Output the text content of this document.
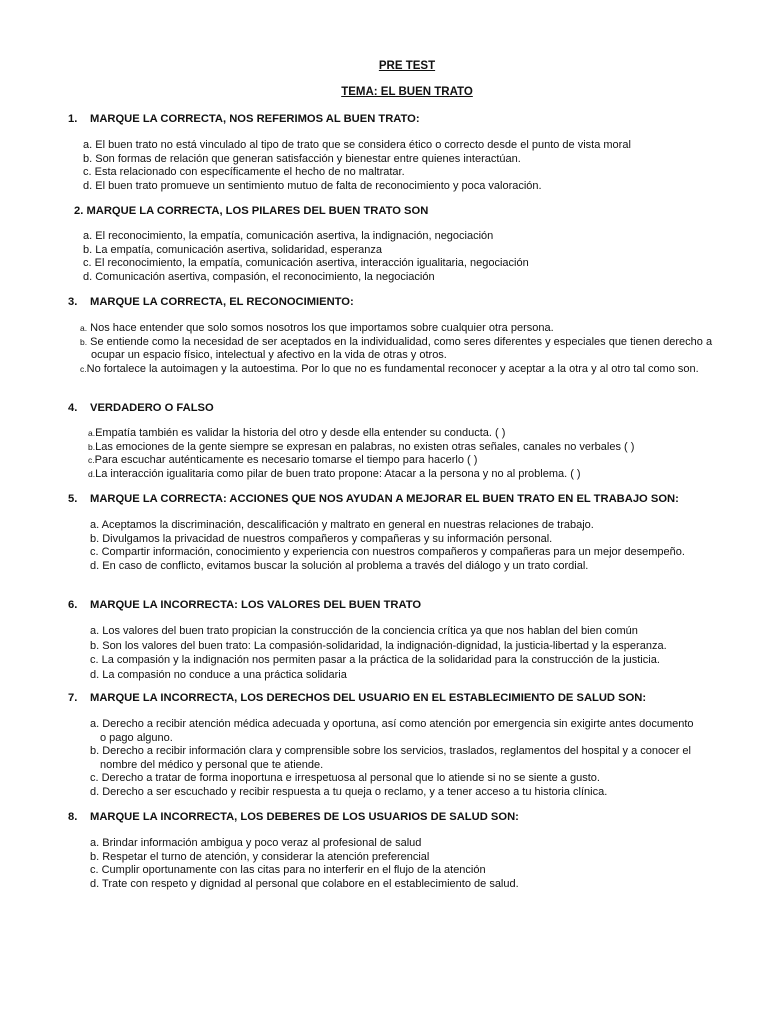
PRE TEST
TEMA: EL BUEN TRATO
1. MARQUE LA CORRECTA, NOS REFERIMOS AL BUEN TRATO:
a. El buen trato no está vinculado al tipo de trato que se considera ético o correcto desde el punto de vista moral
b. Son formas de relación que generan satisfacción y bienestar entre quienes interactúan.
c. Esta relacionado con específicamente el hecho de no maltratar.
d. El buen trato promueve un sentimiento mutuo de falta de reconocimiento y poca valoración.
2. MARQUE LA CORRECTA, LOS PILARES DEL BUEN TRATO SON
a. El reconocimiento, la empatía, comunicación asertiva, la indignación, negociación
b. La empatía, comunicación asertiva, solidaridad, esperanza
c. El reconocimiento, la empatía, comunicación asertiva, interacción igualitaria, negociación
d. Comunicación asertiva, compasión, el reconocimiento, la negociación
3. MARQUE LA CORRECTA, EL RECONOCIMIENTO:
a. Nos hace entender que solo somos nosotros los que importamos sobre cualquier otra persona.
b. Se entiende como la necesidad de ser aceptados en la individualidad, como seres diferentes y especiales que tienen derecho a ocupar un espacio físico, intelectual y afectivo en la vida de otras y otros.
c.No fortalece la autoimagen y la autoestima. Por lo que no es fundamental reconocer y aceptar a la otra y al otro tal como son.
4. VERDADERO O FALSO
a.Empatía también es validar la historia del otro y desde ella entender su conducta. ( )
b.Las emociones de la gente siempre se expresan en palabras, no existen otras señales, canales no verbales ( )
c.Para escuchar auténticamente es necesario tomarse el tiempo para hacerlo ( )
d.La interacción igualitaria como pilar de buen trato propone: Atacar a la persona y no al problema. ( )
5. MARQUE LA CORRECTA: ACCIONES QUE NOS AYUDAN A MEJORAR EL BUEN TRATO EN EL TRABAJO SON:
a. Aceptamos la discriminación, descalificación y maltrato en general en nuestras relaciones de trabajo.
b. Divulgamos la privacidad de nuestros compañeros y compañeras y su información personal.
c. Compartir información, conocimiento y experiencia con nuestros compañeros y compañeras para un mejor desempeño.
d. En caso de conflicto, evitamos buscar la solución al problema a través del diálogo y un trato cordial.
6. MARQUE LA INCORRECTA: LOS VALORES DEL BUEN TRATO
a. Los valores del buen trato propician la construcción de la conciencia crítica ya que nos hablan del bien común
b. Son los valores del buen trato: La compasión-solidaridad, la indignación-dignidad, la justicia-libertad y la esperanza.
c. La compasión y la indignación nos permiten pasar a la práctica de la solidaridad para la construcción de la justicia.
d. La compasión no conduce a una práctica solidaria
7. MARQUE LA INCORRECTA, LOS DERECHOS DEL USUARIO EN EL ESTABLECIMIENTO DE SALUD SON:
a. Derecho a recibir atención médica adecuada y oportuna, así como atención por emergencia sin exigirte antes documento o pago alguno.
b. Derecho a recibir información clara y comprensible sobre los servicios, traslados, reglamentos del hospital y a conocer el nombre del médico y personal que te atiende.
c. Derecho a tratar de forma inoportuna e irrespetuosa al personal que lo atiende si no se siente a gusto.
d. Derecho a ser escuchado y recibir respuesta a tu queja o reclamo, y a tener acceso a tu historia clínica.
8. MARQUE LA INCORRECTA, LOS DEBERES DE LOS USUARIOS DE SALUD SON:
a. Brindar información ambigua y poco veraz al profesional de salud
b. Respetar el turno de atención, y considerar la atención preferencial
c. Cumplir oportunamente con las citas para no interferir en el flujo de la atención
d. Trate con respeto y dignidad al personal que colabore en el establecimiento de salud.
